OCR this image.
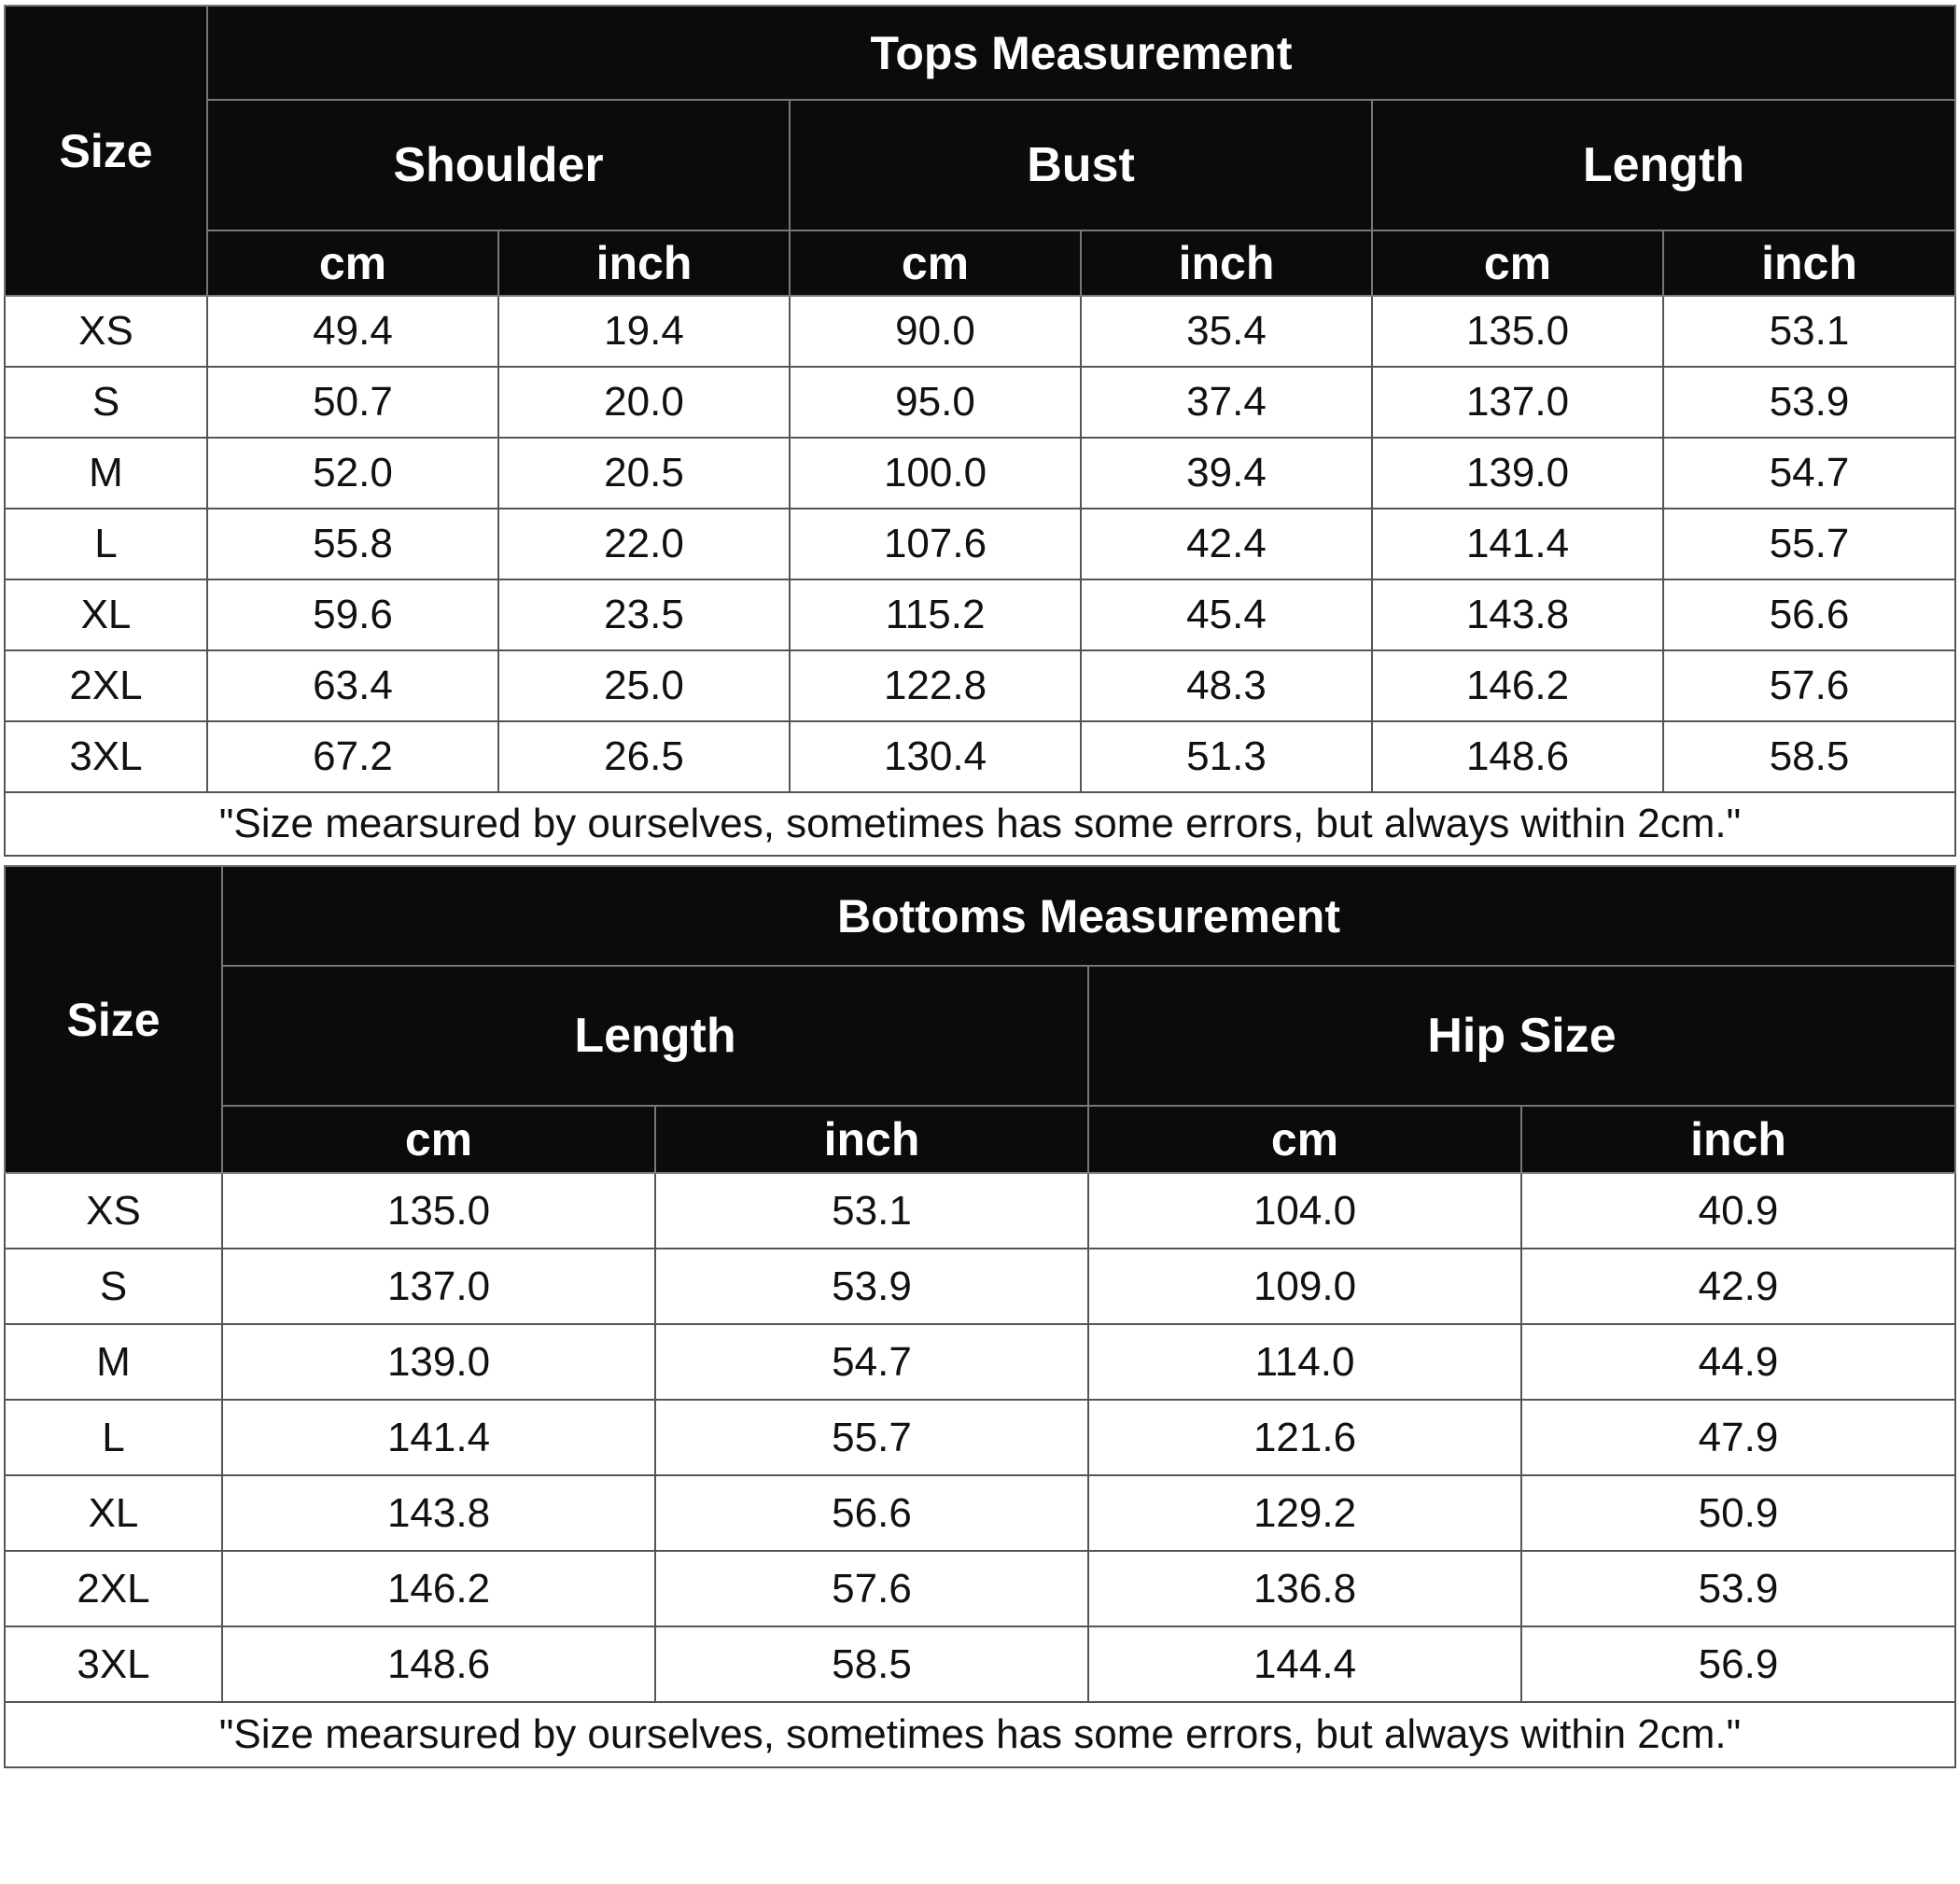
Size	Tops Measurement					
	Shoulder		Bust		Length	
	cm	inch	cm	inch	cm	inch
XS	49.4	19.4	90.0	35.4	135.0	53.1
S	50.7	20.0	95.0	37.4	137.0	53.9
M	52.0	20.5	100.0	39.4	139.0	54.7
L	55.8	22.0	107.6	42.4	141.4	55.7
XL	59.6	23.5	115.2	45.4	143.8	56.6
2XL	63.4	25.0	122.8	48.3	146.2	57.6
3XL	67.2	26.5	130.4	51.3	148.6	58.5
"Size mearsured by ourselves, sometimes has some errors, but always within 2cm."						
Size	Bottoms Measurement			
	Length		Hip Size	
	cm	inch	cm	inch
XS	135.0	53.1	104.0	40.9
S	137.0	53.9	109.0	42.9
M	139.0	54.7	114.0	44.9
L	141.4	55.7	121.6	47.9
XL	143.8	56.6	129.2	50.9
2XL	146.2	57.6	136.8	53.9
3XL	148.6	58.5	144.4	56.9
"Size mearsured by ourselves, sometimes has some errors, but always within 2cm."				
